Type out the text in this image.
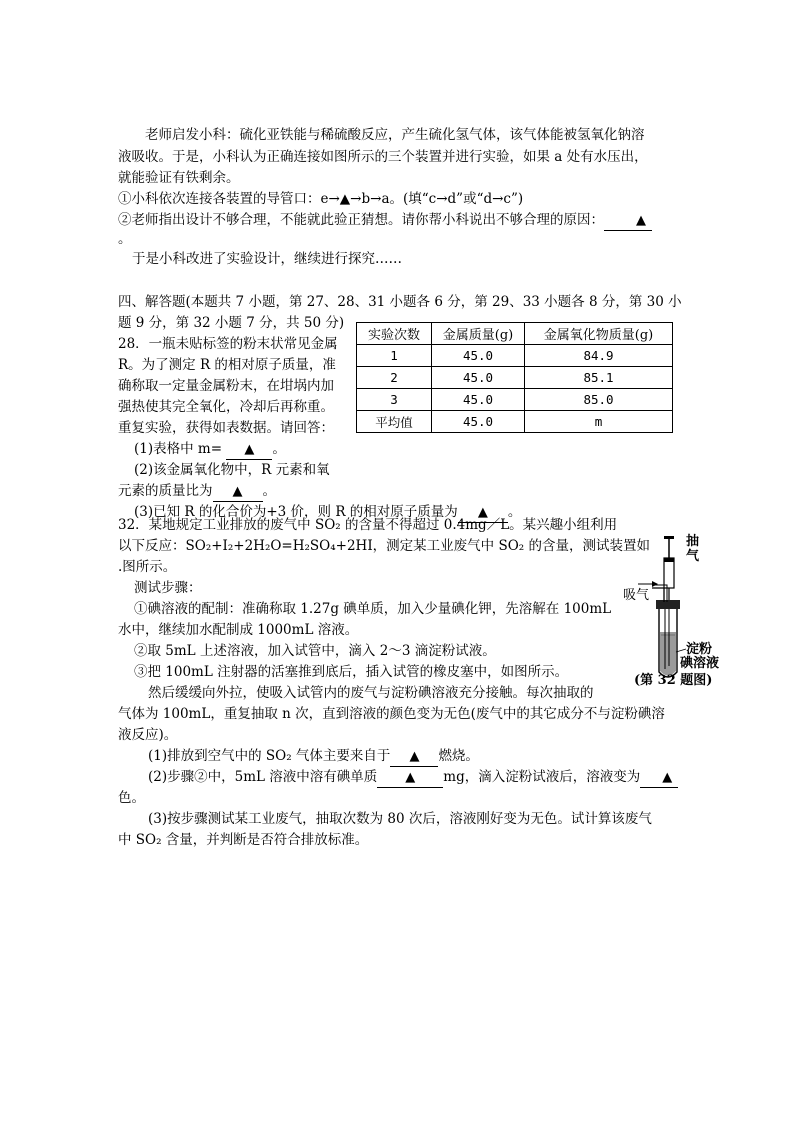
老师启发小科：硫化亚铁能与稀硫酸反应，产生硫化氢气体，该气体能被氢氧化钠溶
液吸收。于是，小科认为正确连接如图所示的三个装置并进行实验，如果 a 处有水压出，
就能验证有铁剩余。
①小科依次连接各装置的导管口：e→▲→b→a。(填“c→d”或“d→c”)
②老师指出设计不够合理，不能就此验正猜想。请你帮小科说出不够合理的原因： ▲
。
于是小科改进了实验设计，继续进行探究……
四、解答题(本题共 7 小题，第 27、28、31 小题各 6 分，第 29、33 小题各 8 分，第 30 小
题 9 分，第 32 小题 7 分，共 50 分)
28．一瓶未贴标签的粉末状常见金属
R。为了测定 R 的相对原子质量，准
确称取一定量金属粉末，在坩埚内加
强热使其完全氧化，冷却后再称重。
重复实验，获得如表数据。请回答：
(1)表格中 m= ▲ 。
(2)该金属氧化物中，R 元素和氧
元素的质量比为 ▲ 。
(3)已知 R 的化合价为+3 价，则 R 的相对原子质量为 ▲ 。
实验次数	金属质量(g)	金属氧化物质量(g)
1	45.0	84.9
2	45.0	85.1
3	45.0	85.0
平均值	45.0	m
32．某地规定工业排放的废气中 SO₂ 的含量不得超过 0.4mg／L。某兴趣小组利用
以下反应：SO₂+I₂+2H₂O=H₂SO₄+2HI，测定某工业废气中 SO₂ 的含量，测试装置如
.图所示。
测试步骤：
①碘溶液的配制：准确称取 1.27g 碘单质，加入少量碘化钾，先溶解在 100mL
水中，继续加水配制成 1000mL 溶液。
②取 5mL 上述溶液，加入试管中，滴入 2～3 滴淀粉试液。
③把 100mL 注射器的活塞推到底后，插入试管的橡皮塞中，如图所示。
然后缓缓向外拉，使吸入试管内的废气与淀粉碘溶液充分接触。每次抽取的
气体为 100mL，重复抽取 n 次，直到溶液的颜色变为无色(废气中的其它成分不与淀粉碘溶
液反应)。
(1)排放到空气中的 SO₂ 气体主要来自于 ▲ 燃烧。
(2)步骤②中，5mL 溶液中溶有碘单质 ▲ mg，滴入淀粉试液后，溶液变为 ▲
色。
(3)按步骤测试某工业废气，抽取次数为 80 次后，溶液刚好变为无色。试计算该废气
中 SO₂ 含量，并判断是否符合排放标准。
抽
气
吸气
淀粉
碘溶液
(第 32 题图)
